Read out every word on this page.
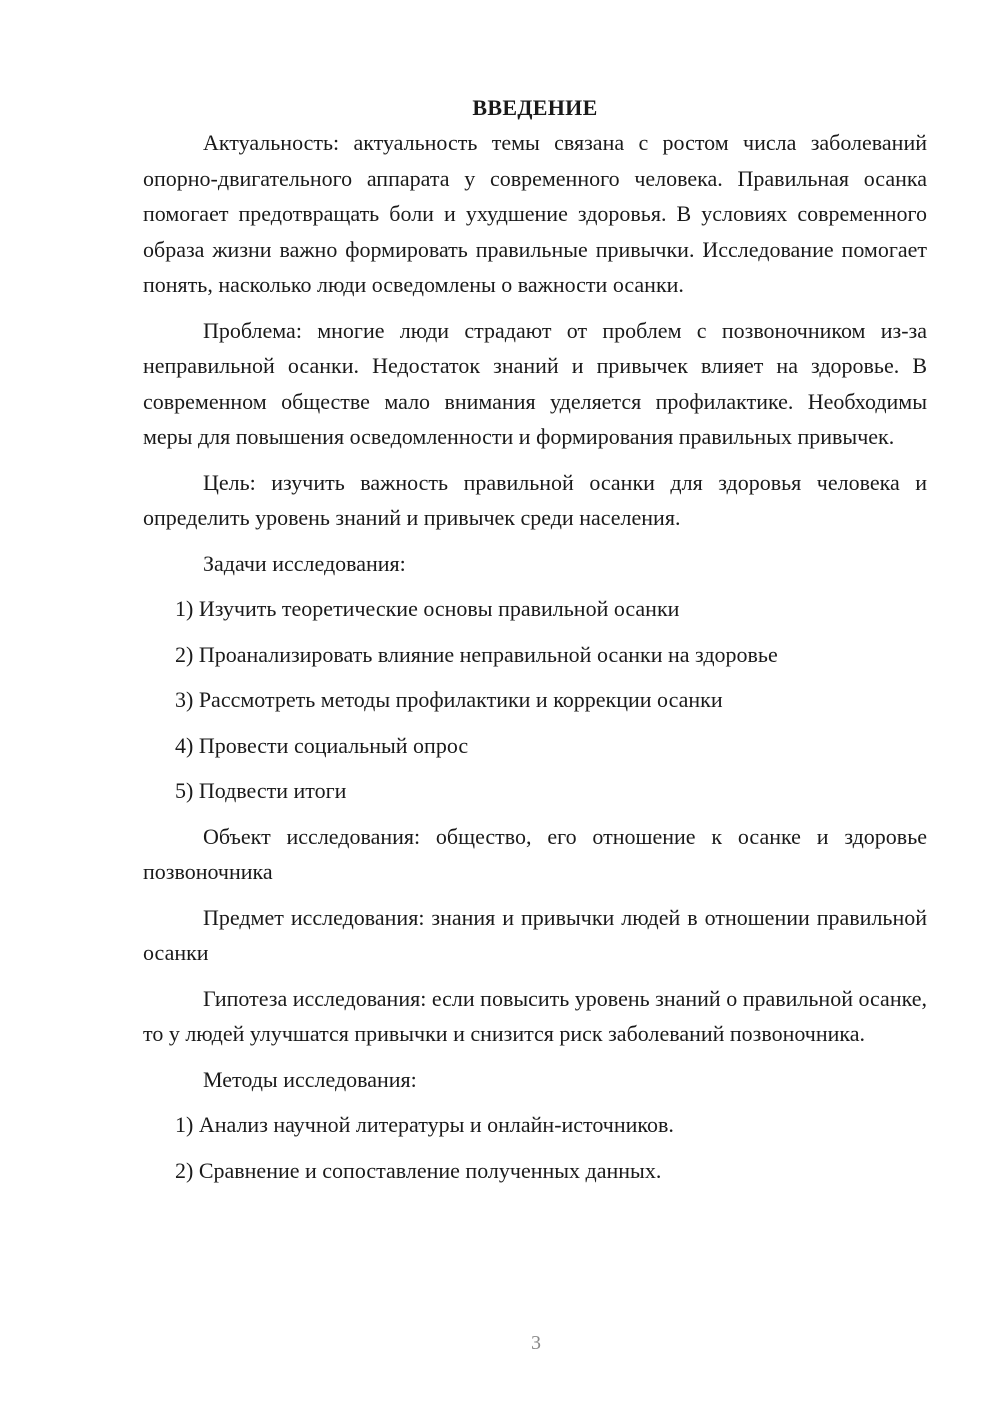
ВВЕДЕНИЕ

Актуальность: актуальность темы связана с ростом числа заболеваний опорно-двигательного аппарата у современного человека. Правильная осанка помогает предотвращать боли и ухудшение здоровья. В условиях современного образа жизни важно формировать правильные привычки. Исследование помогает понять, насколько люди осведомлены о важности осанки.

Проблема: многие люди страдают от проблем с позвоночником из-за неправильной осанки. Недостаток знаний и привычек влияет на здоровье. В современном обществе мало внимания уделяется профилактике. Необходимы меры для повышения осведомленности и формирования правильных привычек.

Цель: изучить важность правильной осанки для здоровья человека и определить уровень знаний и привычек среди населения.

Задачи исследования:

1) Изучить теоретические основы правильной осанки
2) Проанализировать влияние неправильной осанки на здоровье
3) Рассмотреть методы профилактики и коррекции осанки
4) Провести социальный опрос
5) Подвести итоги

Объект исследования: общество, его отношение к осанке и здоровье позвоночника

Предмет исследования: знания и привычки людей в отношении правильной осанки

Гипотеза исследования: если повысить уровень знаний о правильной осанке, то у людей улучшатся привычки и снизится риск заболеваний позвоночника.

Методы исследования:

1) Анализ научной литературы и онлайн-источников.
2) Сравнение и сопоставление полученных данных.
3
